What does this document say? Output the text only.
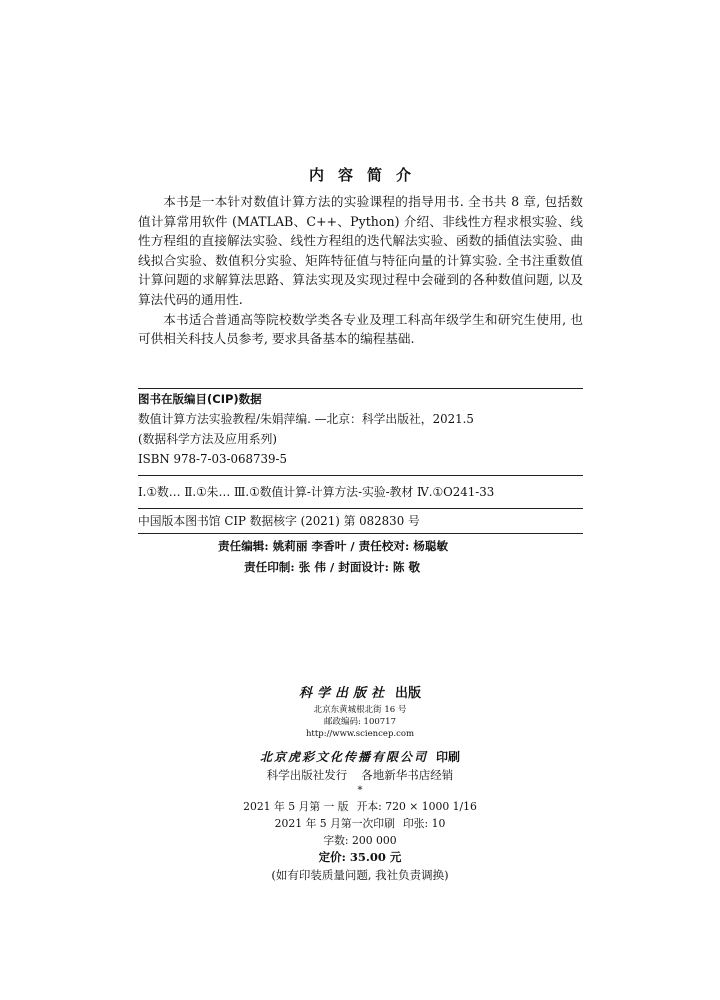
内容简介

本书是一本针对数值计算方法的实验课程的指导用书. 全书共 8 章, 包括数值计算常用软件 (MATLAB、C++、Python) 介绍、非线性方程求根实验、线性方程组的直接解法实验、线性方程组的迭代解法实验、函数的插值法实验、曲线拟合实验、数值积分实验、矩阵特征值与特征向量的计算实验. 全书注重数值计算问题的求解算法思路、算法实现及实现过程中会碰到的各种数值问题, 以及算法代码的通用性.

本书适合普通高等院校数学类各专业及理工科高年级学生和研究生使用, 也可供相关科技人员参考, 要求具备基本的编程基础.

图书在版编目(CIP)数据
数值计算方法实验教程/朱娟萍编. —北京：科学出版社，2021.5
(数据科学方法及应用系列)
ISBN 978-7-03-068739-5
Ⅰ.①数… Ⅱ.①朱… Ⅲ.①数值计算-计算方法-实验-教材 Ⅳ.①O241-33
中国版本图书馆 CIP 数据核字 (2021) 第 082830 号
责任编辑: 姚莉丽 李香叶 / 责任校对: 杨聪敏
责任印制: 张 伟 / 封面设计: 陈 敬
科学出版社 出版
北京东黄城根北街 16 号
邮政编码: 100717
http://www.sciencep.com
北京虎彩文化传播有限公司 印刷
科学出版社发行 各地新华书店经销
*
2021 年 5 月第 一 版 开本: 720 × 1000 1/16
2021 年 5 月第一次印刷 印张: 10
字数: 200 000
定价: 35.00 元
(如有印装质量问题, 我社负责调换)
